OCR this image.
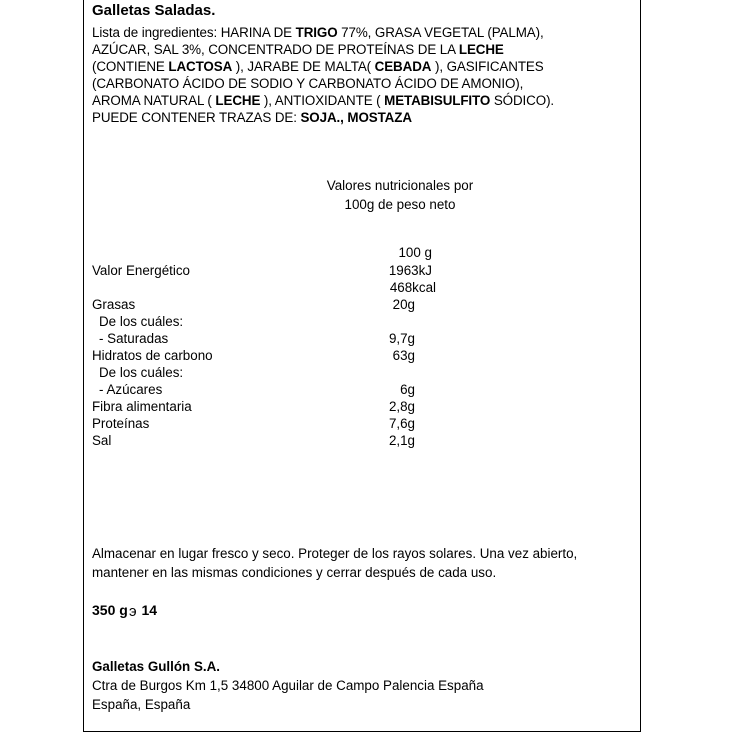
Galletas Saladas.
Lista de ingredientes: HARINA DE TRIGO 77%, GRASA VEGETAL (PALMA),
AZÚCAR, SAL 3%, CONCENTRADO DE PROTEÍNAS DE LA LECHE
(CONTIENE LACTOSA ), JARABE DE MALTA( CEBADA ), GASIFICANTES
(CARBONATO ÁCIDO DE SODIO Y CARBONATO ÁCIDO DE AMONIO),
AROMA NATURAL ( LECHE ), ANTIOXIDANTE ( METABISULFITO SÓDICO).
PUEDE CONTENER TRAZAS DE: SOJA., MOSTAZA
Valores nutricionales por
100g de peso neto
100 g
Valor Energético	1963kJ
468kcal
Grasas	20g
De los cuáles:
- Saturadas	9,7g
Hidratos de carbono	63g
De los cuáles:
- Azúcares	6g
Fibra alimentaria	2,8g
Proteínas	7,6g
Sal	2,1g
Almacenar en lugar fresco y seco. Proteger de los rayos solares. Una vez abierto,
mantener en las mismas condiciones y cerrar después de cada uso.
350 gє 14
Galletas Gullón S.A.
Ctra de Burgos Km 1,5 34800 Aguilar de Campo Palencia España
España, España
